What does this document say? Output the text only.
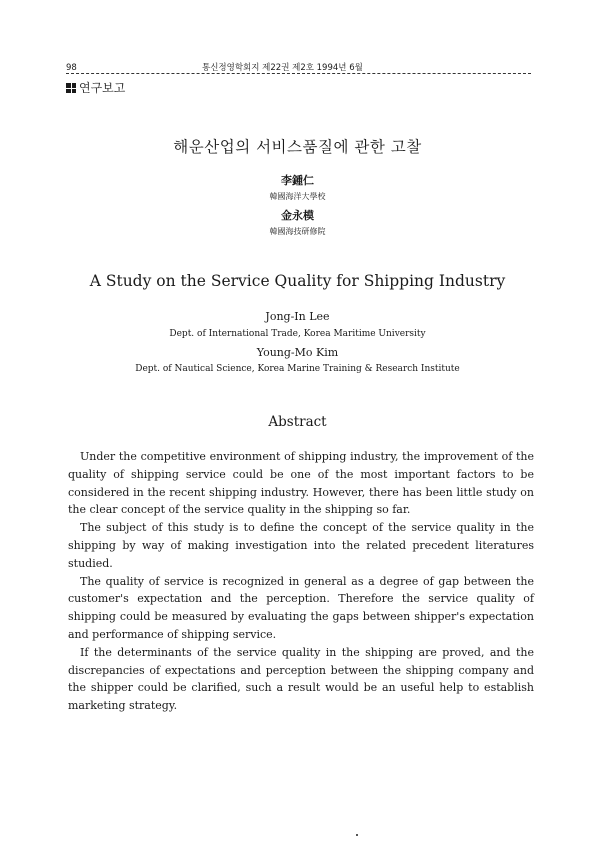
98	통신정영학회지 제22권 제2호 1994년 6월
연구보고
해운산업의 서비스품질에 관한 고찰
李鍾仁
韓國海洋大學校
金永模
韓國海技研修院
A Study on the Service Quality for Shipping Industry
Jong-In Lee
Dept. of International Trade, Korea Maritime University
Young-Mo Kim
Dept. of Nautical Science, Korea Marine Training & Research Institute
Abstract

Under the competitive environment of shipping industry, the improvement of the quality of shipping service could be one of the most important factors to be considered in the recent shipping industry. However, there has been little study on the clear concept of the service quality in the shipping so far.

The subject of this study is to define the concept of the service quality in the shipping by way of making investigation into the related precedent literatures studied.

The quality of service is recognized in general as a degree of gap between the customer's expectation and the perception. Therefore the service quality of shipping could be measured by evaluating the gaps between shipper's expectation and performance of shipping service.

If the determinants of the service quality in the shipping are proved, and the discrepancies of expectations and perception between the shipping company and the shipper could be clarified, such a result would be an useful help to establish marketing strategy.
